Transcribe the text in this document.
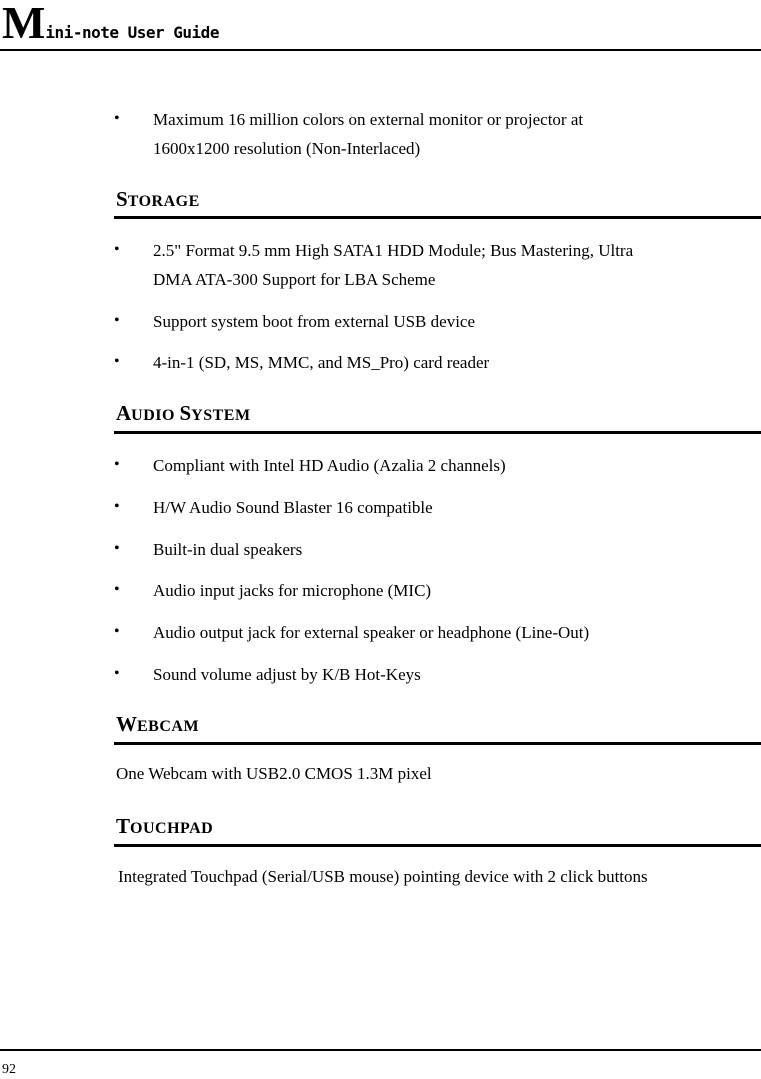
Mini-note User Guide
• Maximum 16 million colors on external monitor or projector at
1600x1200 resolution (Non-Interlaced)
STORAGE
• 2.5" Format 9.5 mm High SATA1 HDD Module; Bus Mastering, Ultra
DMA ATA-300 Support for LBA Scheme
• Support system boot from external USB device
• 4-in-1 (SD, MS, MMC, and MS_Pro) card reader
AUDIO SYSTEM
• Compliant with Intel HD Audio (Azalia 2 channels)
• H/W Audio Sound Blaster 16 compatible
• Built-in dual speakers
• Audio input jacks for microphone (MIC)
• Audio output jack for external speaker or headphone (Line-Out)
• Sound volume adjust by K/B Hot-Keys
WEBCAM
One Webcam with USB2.0 CMOS 1.3M pixel
TOUCHPAD
Integrated Touchpad (Serial/USB mouse) pointing device with 2 click buttons
92
